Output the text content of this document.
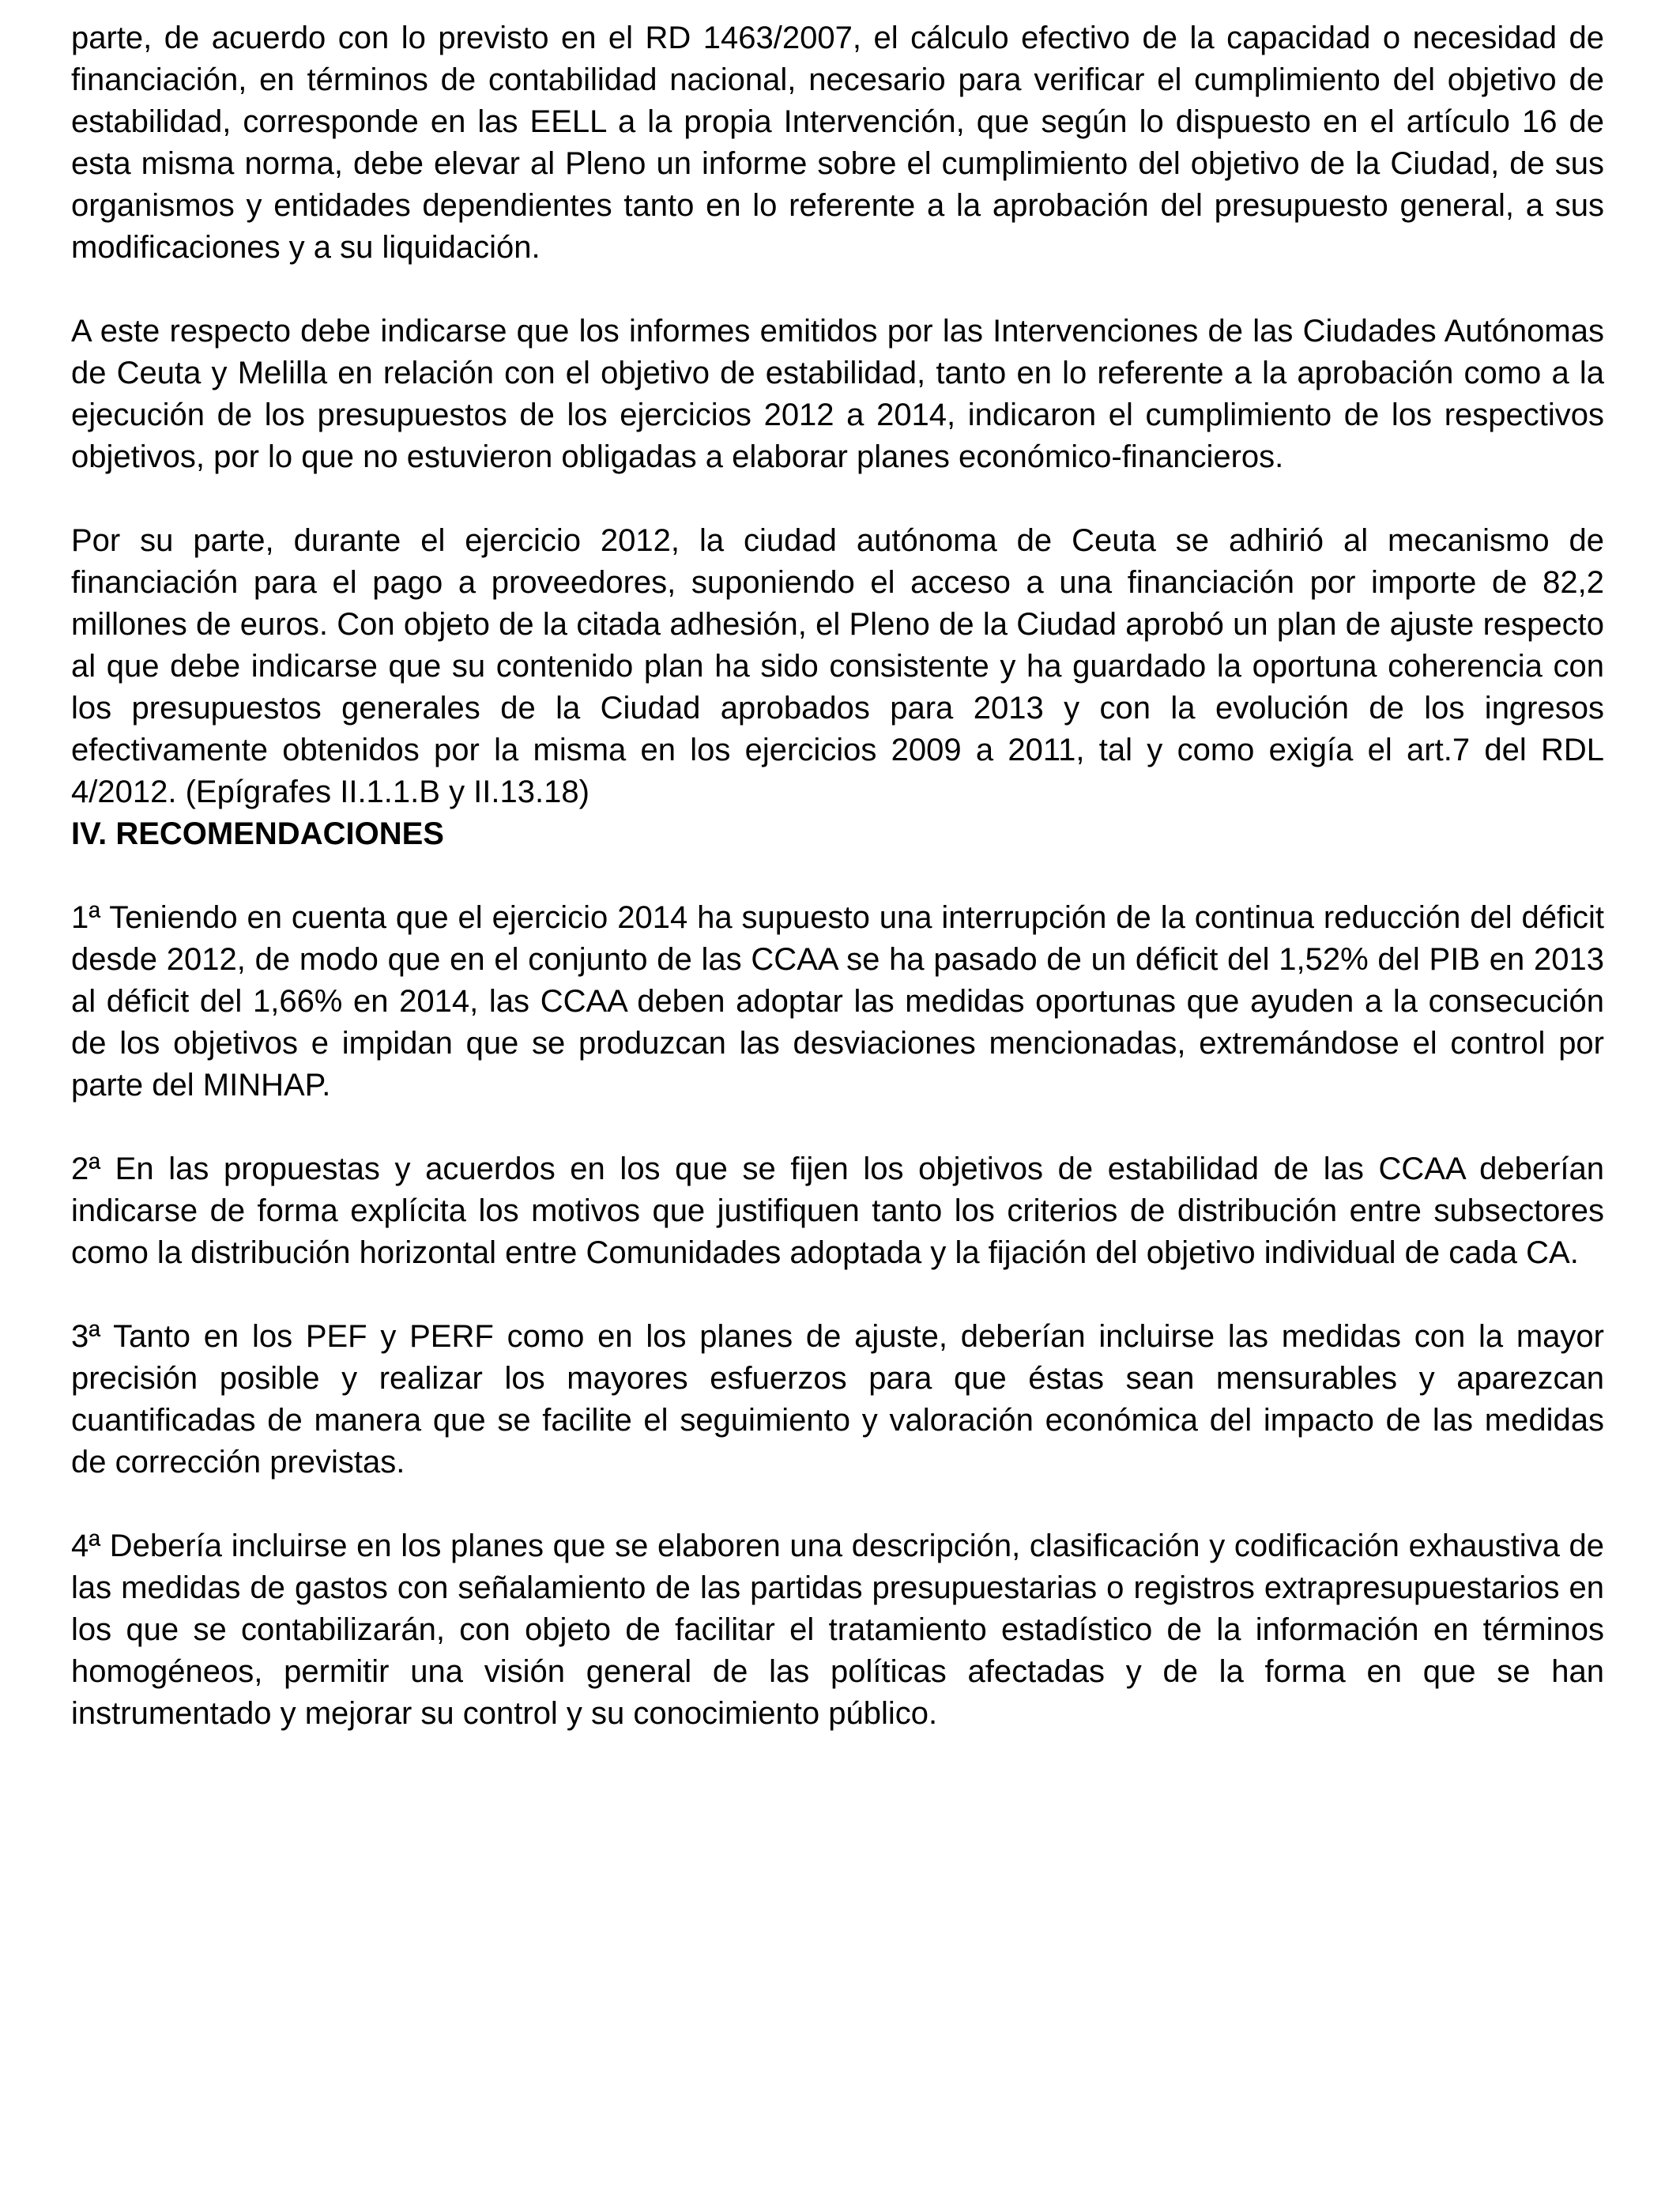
parte, de acuerdo con lo previsto en el RD 1463/2007, el cálculo efectivo de la capacidad o necesidad de financiación, en términos de contabilidad nacional, necesario para verificar el cumplimiento del objetivo de estabilidad, corresponde en las EELL a la propia Intervención, que según lo dispuesto en el artículo 16 de esta misma norma, debe elevar al Pleno un informe sobre el cumplimiento del objetivo de la Ciudad, de sus organismos y entidades dependientes tanto en lo referente a la aprobación del presupuesto general, a sus modificaciones y a su liquidación.

A este respecto debe indicarse que los informes emitidos por las Intervenciones de las Ciudades Autónomas de Ceuta y Melilla en relación con el objetivo de estabilidad, tanto en lo referente a la aprobación como a la ejecución de los presupuestos de los ejercicios 2012 a 2014, indicaron el cumplimiento de los respectivos objetivos, por lo que no estuvieron obligadas a elaborar planes económico-financieros.

Por su parte, durante el ejercicio 2012, la ciudad autónoma de Ceuta se adhirió al mecanismo de financiación para el pago a proveedores, suponiendo el acceso a una financiación por importe de 82,2 millones de euros. Con objeto de la citada adhesión, el Pleno de la Ciudad aprobó un plan de ajuste respecto al que debe indicarse que su contenido plan ha sido consistente y ha guardado la oportuna coherencia con los presupuestos generales de la Ciudad aprobados para 2013 y con la evolución de los ingresos efectivamente obtenidos por la misma en los ejercicios 2009 a 2011, tal y como exigía el art.7 del RDL 4/2012. (Epígrafes II.1.1.B y II.13.18)

IV. RECOMENDACIONES

1ª Teniendo en cuenta que el ejercicio 2014 ha supuesto una interrupción de la continua reducción del déficit desde 2012, de modo que en el conjunto de las CCAA se ha pasado de un déficit del 1,52% del PIB en 2013 al déficit del 1,66% en 2014, las CCAA deben adoptar las medidas oportunas que ayuden a la consecución de los objetivos e impidan que se produzcan las desviaciones mencionadas, extremándose el control por parte del MINHAP.

2ª En las propuestas y acuerdos en los que se fijen los objetivos de estabilidad de las CCAA deberían indicarse de forma explícita los motivos que justifiquen tanto los criterios de distribución entre subsectores como la distribución horizontal entre Comunidades adoptada y la fijación del objetivo individual de cada CA.

3ª Tanto en los PEF y PERF como en los planes de ajuste, deberían incluirse las medidas con la mayor precisión posible y realizar los mayores esfuerzos para que éstas sean mensurables y aparezcan cuantificadas de manera que se facilite el seguimiento y valoración económica del impacto de las medidas de corrección previstas.

4ª Debería incluirse en los planes que se elaboren una descripción, clasificación y codificación exhaustiva de las medidas de gastos con señalamiento de las partidas presupuestarias o registros extrapresupuestarios en los que se contabilizarán, con objeto de facilitar el tratamiento estadístico de la información en términos homogéneos, permitir una visión general de las políticas afectadas y de la forma en que se han instrumentado y mejorar su control y su conocimiento público.
